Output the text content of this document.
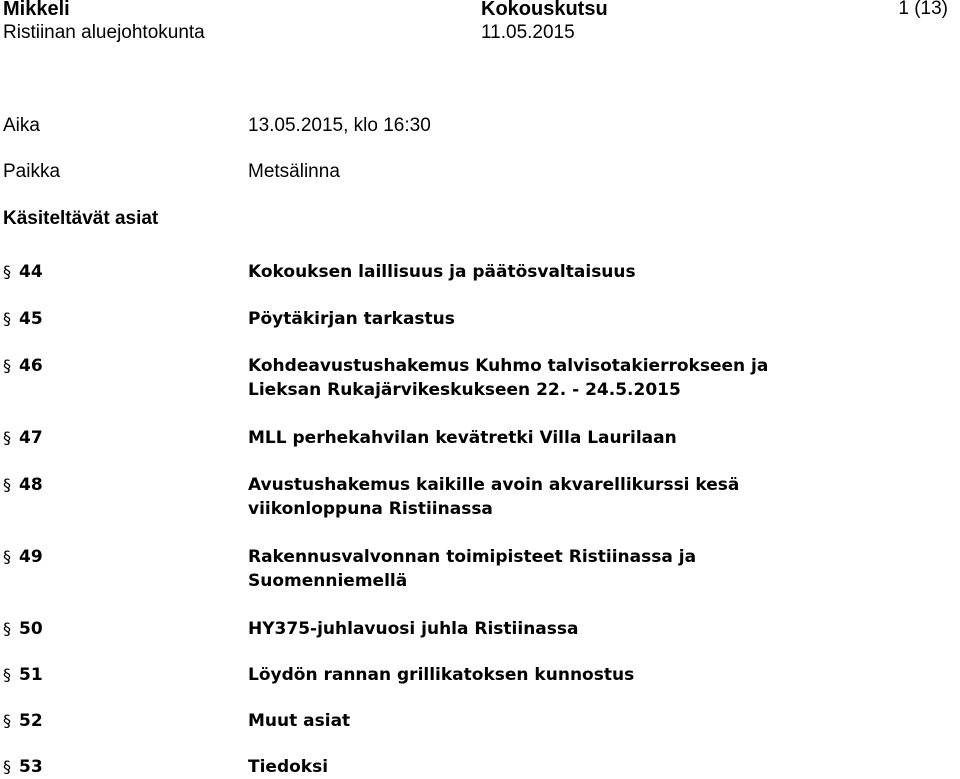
Mikkeli
Ristiinan aluejohtokunta
Kokouskutsu
11.05.2015
1 (13)
Aika	13.05.2015, klo 16:30
Paikka	Metsälinna
Käsiteltävät asiat
§ 44	Kokouksen laillisuus ja päätösvaltaisuus
§ 45	Pöytäkirjan tarkastus
§ 46	Kohdeavustushakemus Kuhmo talvisotakierrokseen ja Lieksan Rukajärvikeskukseen 22. - 24.5.2015
§ 47	MLL perhekahvilan kevätretki Villa Laurilaan
§ 48	Avustushakemus kaikille avoin akvarellikurssi kesä viikonloppuna Ristiinassa
§ 49	Rakennusvalvonnan toimipisteet Ristiinassa ja Suomenniemellä
§ 50	HY375-juhlavuosi juhla Ristiinassa
§ 51	Löydön rannan grillikatoksen kunnostus
§ 52	Muut asiat
§ 53	Tiedoksi
